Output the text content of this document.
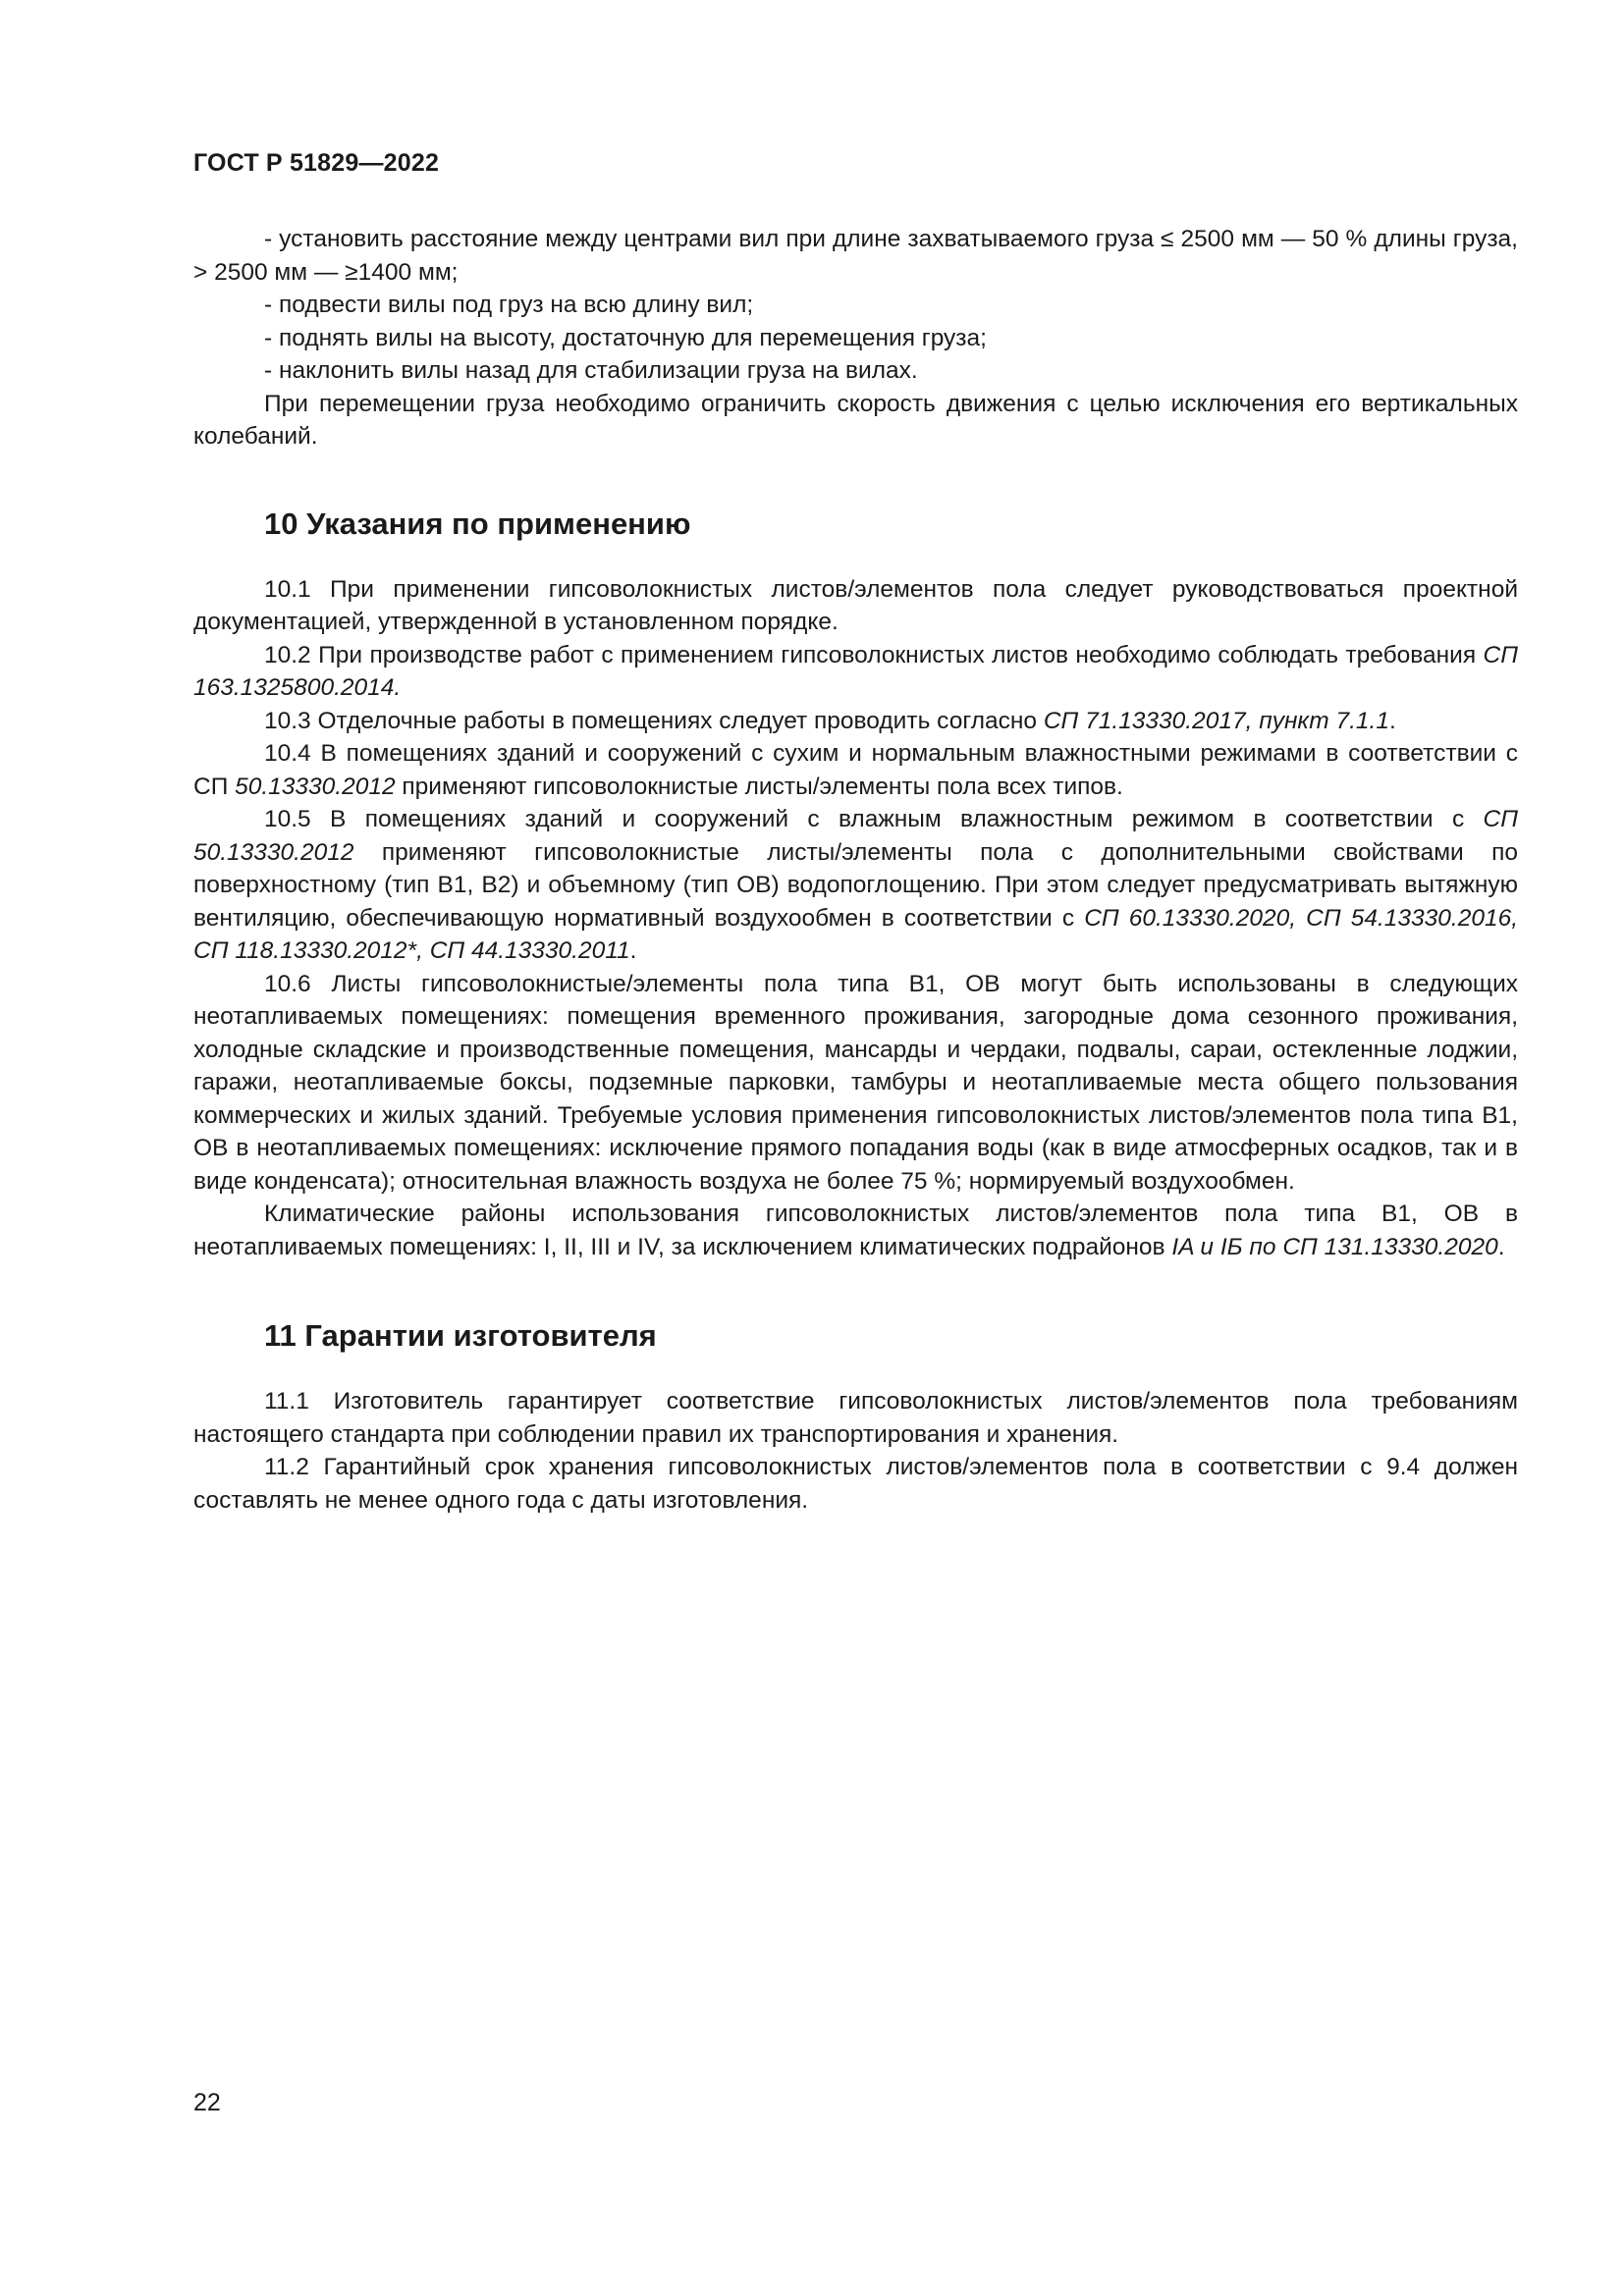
ГОСТ Р 51829—2022
- установить расстояние между центрами вил при длине захватываемого груза ≤ 2500 мм — 50 % длины груза, > 2500 мм — ≥1400 мм;
- подвести вилы под груз на всю длину вил;
- поднять вилы на высоту, достаточную для перемещения груза;
- наклонить вилы назад для стабилизации груза на вилах.

При перемещении груза необходимо ограничить скорость движения с целью исключения его вертикальных колебаний.

10 Указания по применению

10.1 При применении гипсоволокнистых листов/элементов пола следует руководствоваться проектной документацией, утвержденной в установленном порядке.

10.2 При производстве работ с применением гипсоволокнистых листов необходимо соблюдать требования СП 163.1325800.2014.

10.3 Отделочные работы в помещениях следует проводить согласно СП 71.13330.2017, пункт 7.1.1.

10.4 В помещениях зданий и сооружений с сухим и нормальным влажностными режимами в соответствии с СП 50.13330.2012 применяют гипсоволокнистые листы/элементы пола всех типов.

10.5 В помещениях зданий и сооружений с влажным влажностным режимом в соответствии с СП 50.13330.2012 применяют гипсоволокнистые листы/элементы пола с дополнительными свойствами по поверхностному (тип В1, В2) и объемному (тип ОВ) водопоглощению. При этом следует предусматривать вытяжную вентиляцию, обеспечивающую нормативный воздухообмен в соответствии с СП 60.13330.2020, СП 54.13330.2016, СП 118.13330.2012*, СП 44.13330.2011.

10.6 Листы гипсоволокнистые/элементы пола типа В1, ОВ могут быть использованы в следующих неотапливаемых помещениях: помещения временного проживания, загородные дома сезонного проживания, холодные складские и производственные помещения, мансарды и чердаки, подвалы, сараи, остекленные лоджии, гаражи, неотапливаемые боксы, подземные парковки, тамбуры и неотапливаемые места общего пользования коммерческих и жилых зданий. Требуемые условия применения гипсоволокнистых листов/элементов пола типа В1, ОВ в неотапливаемых помещениях: исключение прямого попадания воды (как в виде атмосферных осадков, так и в виде конденсата); относительная влажность воздуха не более 75 %; нормируемый воздухообмен.

Климатические районы использования гипсоволокнистых листов/элементов пола типа В1, ОВ в неотапливаемых помещениях: I, II, III и IV, за исключением климатических подрайонов IA и IБ по СП 131.13330.2020.

11 Гарантии изготовителя

11.1 Изготовитель гарантирует соответствие гипсоволокнистых листов/элементов пола требованиям настоящего стандарта при соблюдении правил их транспортирования и хранения.

11.2 Гарантийный срок хранения гипсоволокнистых листов/элементов пола в соответствии с 9.4 должен составлять не менее одного года с даты изготовления.

22
